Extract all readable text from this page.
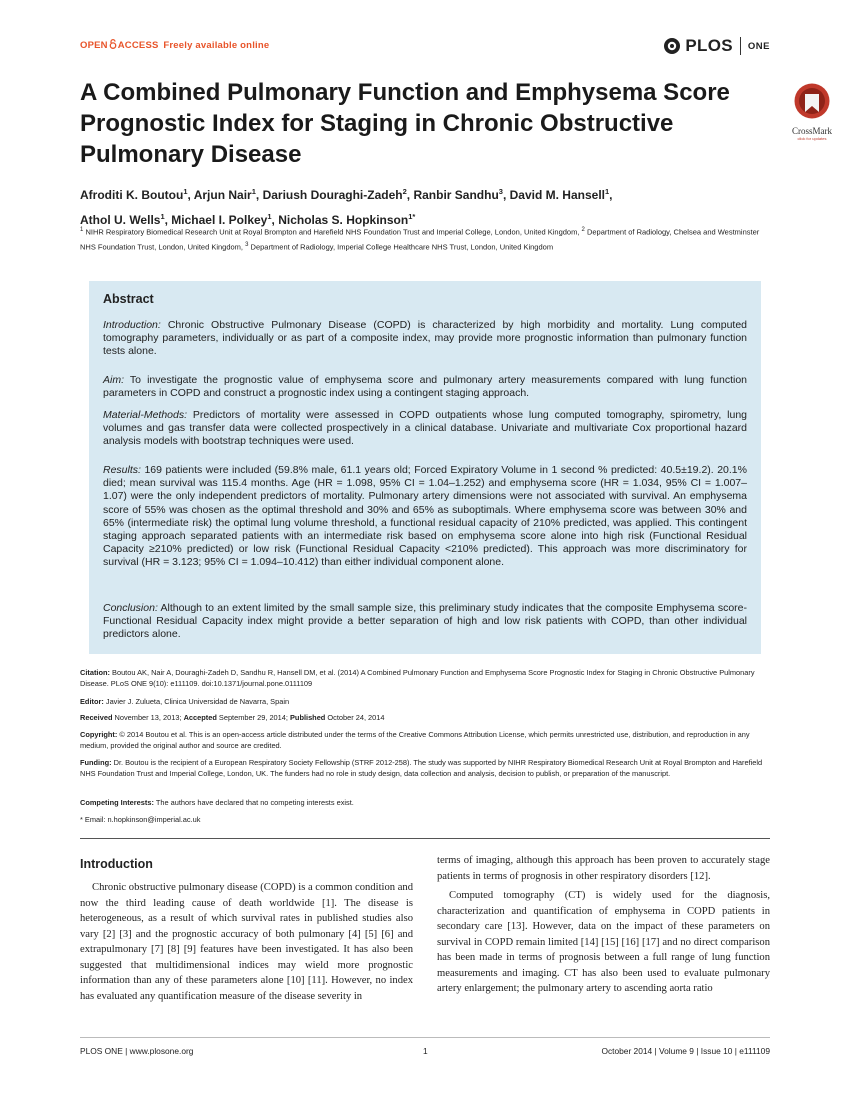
OPEN ACCESS Freely available online	PLOS ONE
A Combined Pulmonary Function and Emphysema Score Prognostic Index for Staging in Chronic Obstructive Pulmonary Disease
CrossMark
click for updates
Afroditi K. Boutou$^1$, Arjun Nair$^1$, Dariush Douraghi-Zadeh$^2$, Ranbir Sandhu$^3$, David M. Hansell$^1$,
Athol U. Wells$^1$, Michael I. Polkey$^1$, Nicholas S. Hopkinson$^{1*}$
$^1$ NIHR Respiratory Biomedical Research Unit at Royal Brompton and Harefield NHS Foundation Trust and Imperial College, London, United Kingdom, $^2$ Department of Radiology, Chelsea and Westminster NHS Foundation Trust, London, United Kingdom, $^3$ Department of Radiology, Imperial College Healthcare NHS Trust, London, United Kingdom
Abstract
Introduction: Chronic Obstructive Pulmonary Disease (COPD) is characterized by high morbidity and mortality. Lung computed tomography parameters, individually or as part of a composite index, may provide more prognostic information than pulmonary function tests alone.
Aim: To investigate the prognostic value of emphysema score and pulmonary artery measurements compared with lung function parameters in COPD and construct a prognostic index using a contingent staging approach.
Material-Methods: Predictors of mortality were assessed in COPD outpatients whose lung computed tomography, spirometry, lung volumes and gas transfer data were collected prospectively in a clinical database. Univariate and multivariate Cox proportional hazard analysis models with bootstrap techniques were used.
Results: 169 patients were included (59.8% male, 61.1 years old; Forced Expiratory Volume in 1 second % predicted: 40.5±19.2). 20.1% died; mean survival was 115.4 months. Age (HR = 1.098, 95% CI = 1.04–1.252) and emphysema score (HR = 1.034, 95% CI = 1.007–1.07) were the only independent predictors of mortality. Pulmonary artery dimensions were not associated with survival. An emphysema score of 55% was chosen as the optimal threshold and 30% and 65% as suboptimals. Where emphysema score was between 30% and 65% (intermediate risk) the optimal lung volume threshold, a functional residual capacity of 210% predicted, was applied. This contingent staging approach separated patients with an intermediate risk based on emphysema score alone into high risk (Functional Residual Capacity ≥210% predicted) or low risk (Functional Residual Capacity <210% predicted). This approach was more discriminatory for survival (HR = 3.123; 95% CI = 1.094–10.412) than either individual component alone.
Conclusion: Although to an extent limited by the small sample size, this preliminary study indicates that the composite Emphysema score-Functional Residual Capacity index might provide a better separation of high and low risk patients with COPD, than other individual predictors alone.
Citation: Boutou AK, Nair A, Douraghi-Zadeh D, Sandhu R, Hansell DM, et al. (2014) A Combined Pulmonary Function and Emphysema Score Prognostic Index for Staging in Chronic Obstructive Pulmonary Disease. PLoS ONE 9(10): e111109. doi:10.1371/journal.pone.0111109
Editor: Javier J. Zulueta, Clinica Universidad de Navarra, Spain
Received November 13, 2013; Accepted September 29, 2014; Published October 24, 2014
Copyright: © 2014 Boutou et al. This is an open-access article distributed under the terms of the Creative Commons Attribution License, which permits unrestricted use, distribution, and reproduction in any medium, provided the original author and source are credited.
Funding: Dr. Boutou is the recipient of a European Respiratory Society Fellowship (STRF 2012-258). The study was supported by NIHR Respiratory Biomedical Research Unit at Royal Brompton and Harefield NHS Foundation Trust and Imperial College, London, UK. The funders had no role in study design, data collection and analysis, decision to publish, or preparation of the manuscript.
Competing Interests: The authors have declared that no competing interests exist.
* Email: n.hopkinson@imperial.ac.uk
Introduction

Chronic obstructive pulmonary disease (COPD) is a common condition and now the third leading cause of death worldwide [1]. The disease is heterogeneous, as a result of which survival rates in published studies also vary [2] [3] and the prognostic accuracy of both pulmonary [4] [5] [6] and extrapulmonary [7] [8] [9] features have been investigated. It has also been suggested that multidimensional indices may wield more prognostic information than any of these parameters alone [10] [11]. However, no index has evaluated any quantification measure of the disease severity in

terms of imaging, although this approach has been proven to accurately stage patients in terms of prognosis in other respiratory disorders [12].

Computed tomography (CT) is widely used for the diagnosis, characterization and quantification of emphysema in COPD patients in secondary care [13]. However, data on the impact of these parameters on survival in COPD remain limited [14] [15] [16] [17] and no direct comparison has been made in terms of prognosis between a full range of lung function measurements and imaging. CT has also been used to evaluate pulmonary artery enlargement; the pulmonary artery to ascending aorta ratio

PLOS ONE | www.plosone.org	1	October 2014 | Volume 9 | Issue 10 | e111109
